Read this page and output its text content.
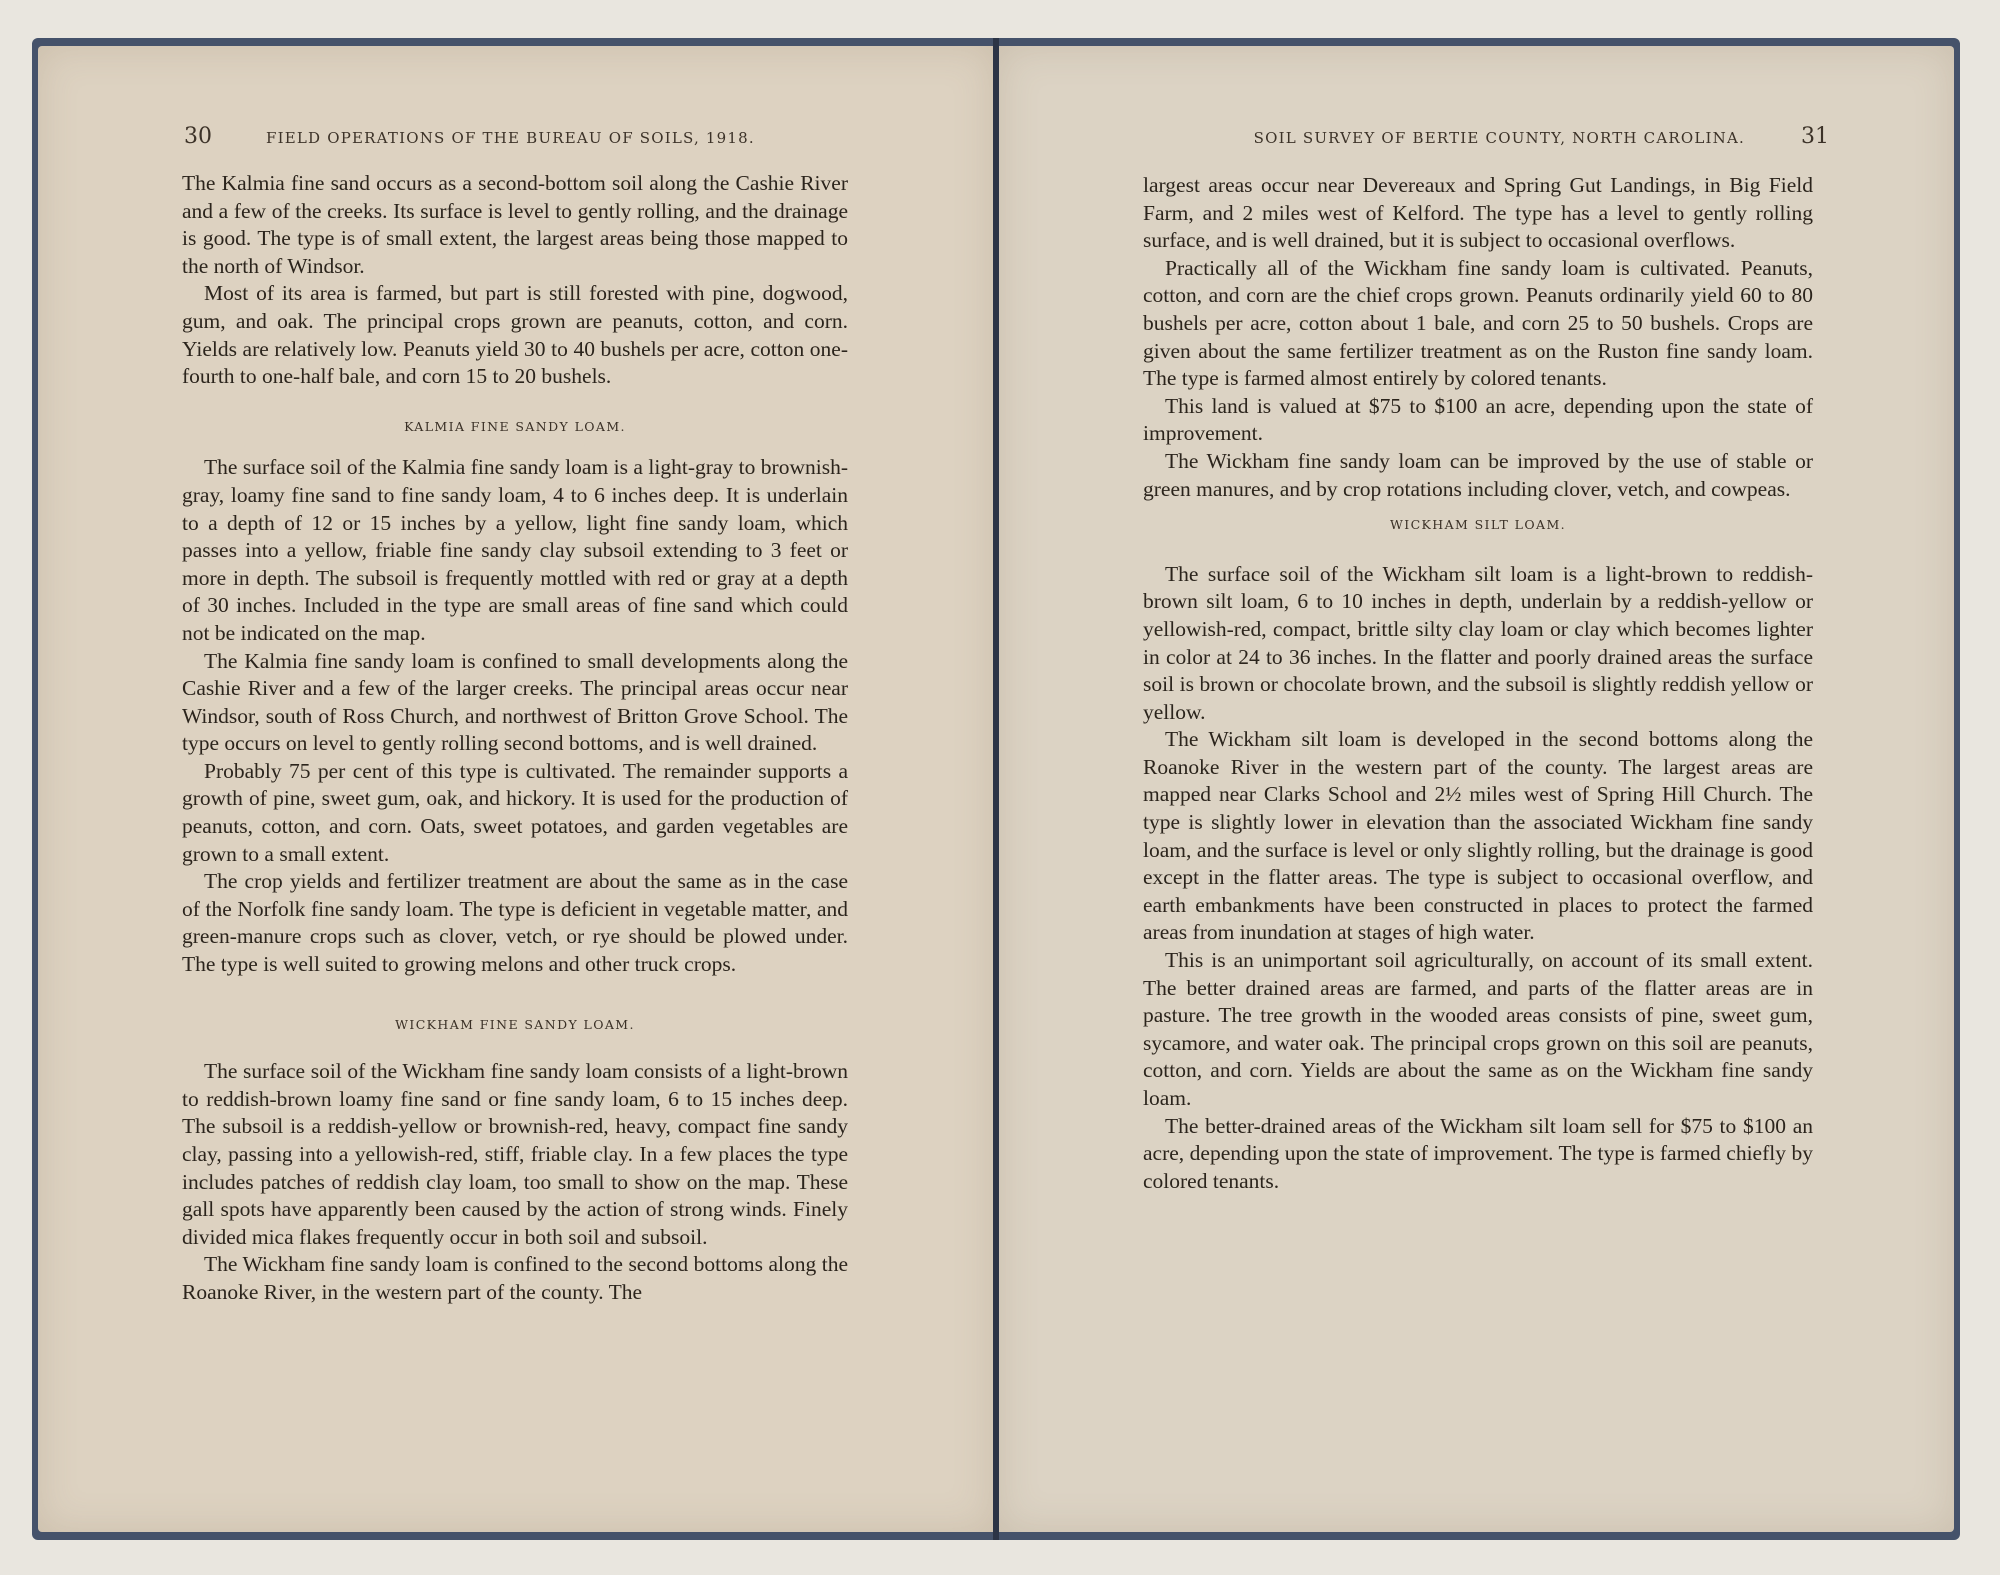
30	FIELD OPERATIONS OF THE BUREAU OF SOILS, 1918.

The Kalmia fine sand occurs as a second-bottom soil along the Cashie River and a few of the creeks. Its surface is level to gently rolling, and the drainage is good. The type is of small extent, the largest areas being those mapped to the north of Windsor.

Most of its area is farmed, but part is still forested with pine, dogwood, gum, and oak. The principal crops grown are peanuts, cotton, and corn. Yields are relatively low. Peanuts yield 30 to 40 bushels per acre, cotton one-fourth to one-half bale, and corn 15 to 20 bushels.

KALMIA FINE SANDY LOAM.

The surface soil of the Kalmia fine sandy loam is a light-gray to brownish-gray, loamy fine sand to fine sandy loam, 4 to 6 inches deep. It is underlain to a depth of 12 or 15 inches by a yellow, light fine sandy loam, which passes into a yellow, friable fine sandy clay subsoil extending to 3 feet or more in depth. The subsoil is frequently mottled with red or gray at a depth of 30 inches. Included in the type are small areas of fine sand which could not be indicated on the map.

The Kalmia fine sandy loam is confined to small developments along the Cashie River and a few of the larger creeks. The principal areas occur near Windsor, south of Ross Church, and northwest of Britton Grove School. The type occurs on level to gently rolling second bottoms, and is well drained.

Probably 75 per cent of this type is cultivated. The remainder supports a growth of pine, sweet gum, oak, and hickory. It is used for the production of peanuts, cotton, and corn. Oats, sweet potatoes, and garden vegetables are grown to a small extent.

The crop yields and fertilizer treatment are about the same as in the case of the Norfolk fine sandy loam. The type is deficient in vegetable matter, and green-manure crops such as clover, vetch, or rye should be plowed under. The type is well suited to growing melons and other truck crops.

WICKHAM FINE SANDY LOAM.

The surface soil of the Wickham fine sandy loam consists of a light-brown to reddish-brown loamy fine sand or fine sandy loam, 6 to 15 inches deep. The subsoil is a reddish-yellow or brownish-red, heavy, compact fine sandy clay, passing into a yellowish-red, stiff, friable clay. In a few places the type includes patches of reddish clay loam, too small to show on the map. These gall spots have apparently been caused by the action of strong winds. Finely divided mica flakes frequently occur in both soil and subsoil.

The Wickham fine sandy loam is confined to the second bottoms along the Roanoke River, in the western part of the county. The

SOIL SURVEY OF BERTIE COUNTY, NORTH CAROLINA.	31

largest areas occur near Devereaux and Spring Gut Landings, in Big Field Farm, and 2 miles west of Kelford. The type has a level to gently rolling surface, and is well drained, but it is subject to occasional overflows.

Practically all of the Wickham fine sandy loam is cultivated. Peanuts, cotton, and corn are the chief crops grown. Peanuts ordinarily yield 60 to 80 bushels per acre, cotton about 1 bale, and corn 25 to 50 bushels. Crops are given about the same fertilizer treatment as on the Ruston fine sandy loam. The type is farmed almost entirely by colored tenants.

This land is valued at $75 to $100 an acre, depending upon the state of improvement.

The Wickham fine sandy loam can be improved by the use of stable or green manures, and by crop rotations including clover, vetch, and cowpeas.

WICKHAM SILT LOAM.

The surface soil of the Wickham silt loam is a light-brown to reddish-brown silt loam, 6 to 10 inches in depth, underlain by a reddish-yellow or yellowish-red, compact, brittle silty clay loam or clay which becomes lighter in color at 24 to 36 inches. In the flatter and poorly drained areas the surface soil is brown or chocolate brown, and the subsoil is slightly reddish yellow or yellow.

The Wickham silt loam is developed in the second bottoms along the Roanoke River in the western part of the county. The largest areas are mapped near Clarks School and 2½ miles west of Spring Hill Church. The type is slightly lower in elevation than the associated Wickham fine sandy loam, and the surface is level or only slightly rolling, but the drainage is good except in the flatter areas. The type is subject to occasional overflow, and earth embankments have been constructed in places to protect the farmed areas from inundation at stages of high water.

This is an unimportant soil agriculturally, on account of its small extent. The better drained areas are farmed, and parts of the flatter areas are in pasture. The tree growth in the wooded areas consists of pine, sweet gum, sycamore, and water oak. The principal crops grown on this soil are peanuts, cotton, and corn. Yields are about the same as on the Wickham fine sandy loam.

The better-drained areas of the Wickham silt loam sell for $75 to $100 an acre, depending upon the state of improvement. The type is farmed chiefly by colored tenants.
